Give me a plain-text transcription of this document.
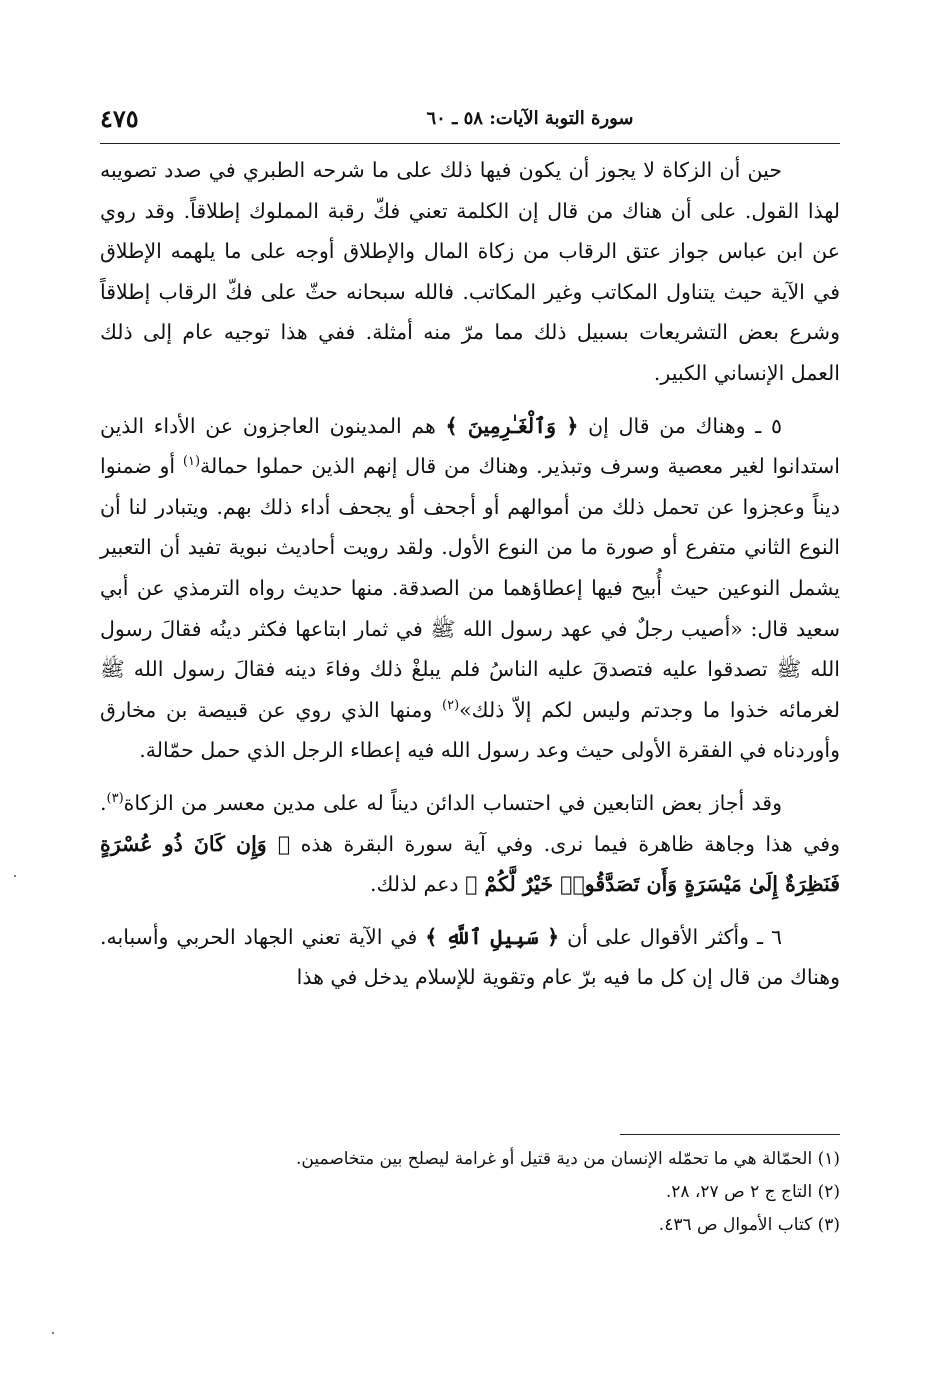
سورة التوبة الآيات: ٥٨ ـ ٦٠
٤٧٥

حين أن الزكاة لا يجوز أن يكون فيها ذلك على ما شرحه الطبري في صدد تصويبه لهذا القول. على أن هناك من قال إن الكلمة تعني فكّ رقبة المملوك إطلاقاً. وقد روي عن ابن عباس جواز عتق الرقاب من زكاة المال والإطلاق أوجه على ما يلهمه الإطلاق في الآية حيث يتناول المكاتب وغير المكاتب. فالله سبحانه حثّ على فكّ الرقاب إطلاقاً وشرع بعض التشريعات بسبيل ذلك مما مرّ منه أمثلة. ففي هذا توجيه عام إلى ذلك العمل الإنساني الكبير.

٥ ـ وهناك من قال إن ﴿ وَٱلْغَـٰرِمِينَ ﴾ هم المدينون العاجزون عن الأداء الذين استدانوا لغير معصية وسرف وتبذير. وهناك من قال إنهم الذين حملوا حمالة$^{(١)}$ أو ضمنوا ديناً وعجزوا عن تحمل ذلك من أموالهم أو أجحف أو يجحف أداء ذلك بهم. ويتبادر لنا أن النوع الثاني متفرع أو صورة ما من النوع الأول. ولقد رويت أحاديث نبوية تفيد أن التعبير يشمل النوعين حيث أُبيح فيها إعطاؤهما من الصدقة. منها حديث رواه الترمذي عن أبي سعيد قال: «أصيب رجلٌ في عهد رسول الله ﷺ في ثمار ابتاعها فكثر دينُه فقالَ رسول الله ﷺ تصدقوا عليه فتصدقَ عليه الناسُ فلم يبلغْ ذلك وفاءَ دينه فقالَ رسول الله ﷺ لغرمائه خذوا ما وجدتم وليس لكم إلاّ ذلك»$^{(٢)}$ ومنها الذي روي عن قبيصة بن مخارق وأوردناه في الفقرة الأولى حيث وعد رسول الله فيه إعطاء الرجل الذي حمل حمّالة.

وقد أجاز بعض التابعين في احتساب الدائن ديناً له على مدين معسر من الزكاة$^{(٣)}$. وفي هذا وجاهة ظاهرة فيما نرى. وفي آية سورة البقرة هذه ﴿ وَإِن كَانَ ذُو عُسْرَةٍ فَنَظِرَةٌ إِلَىٰ مَيْسَرَةٍ وَأَن تَصَدَّقُوا۟ خَيْرٌ لَّكُمْ ﴾ دعم لذلك.

٦ ـ وأكثر الأقوال على أن ﴿ سَبِيلِ ٱللَّهِ ﴾ في الآية تعني الجهاد الحربي وأسبابه. وهناك من قال إن كل ما فيه برّ عام وتقوية للإسلام يدخل في هذا

(١) الحمّالة هي ما تحمّله الإنسان من دية قتيل أو غرامة ليصلح بين متخاصمين.
(٢) التاج ج ٢ ص ٢٧، ٢٨.
(٣) كتاب الأموال ص ٤٣٦.
